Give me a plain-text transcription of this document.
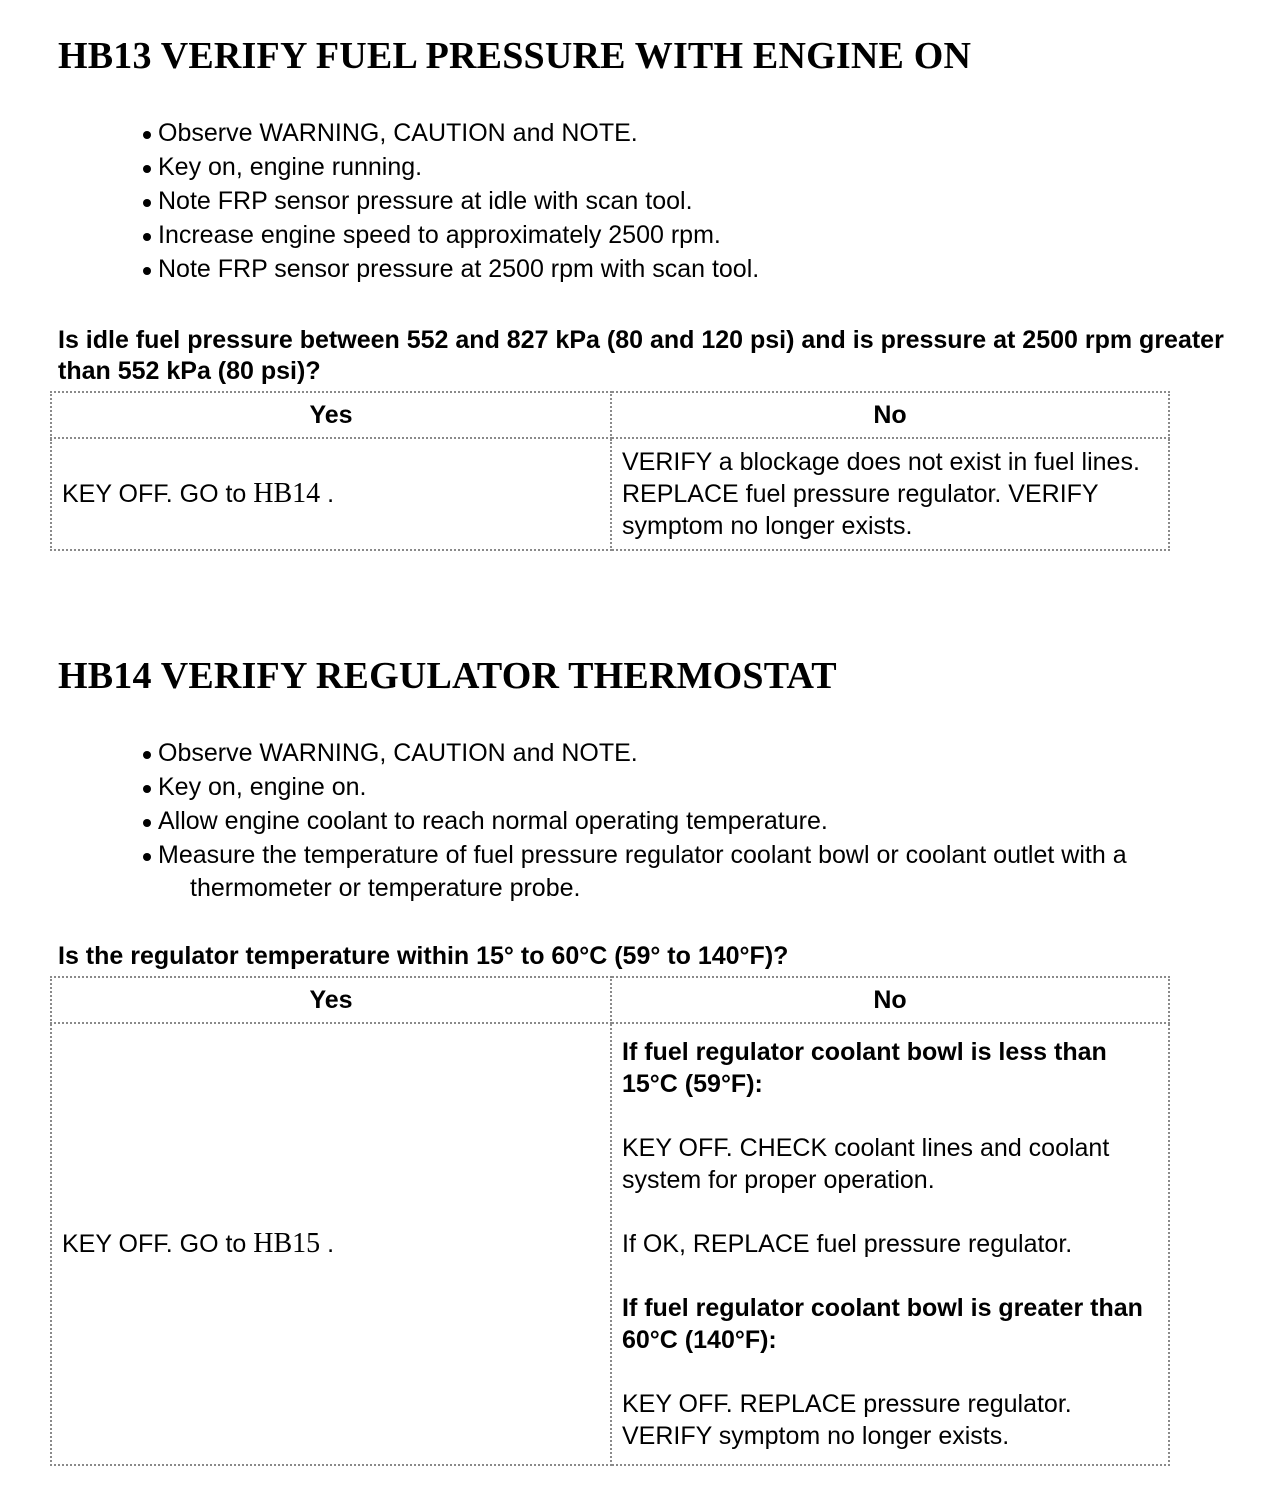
HB13 VERIFY FUEL PRESSURE WITH ENGINE ON
Observe WARNING, CAUTION and NOTE.
Key on, engine running.
Note FRP sensor pressure at idle with scan tool.
Increase engine speed to approximately 2500 rpm.
Note FRP sensor pressure at 2500 rpm with scan tool.

Is idle fuel pressure between 552 and 827 kPa (80 and 120 psi) and is pressure at 2500 rpm greater than 552 kPa (80 psi)?

Yes	No
KEY OFF. GO to HB14 .	VERIFY a blockage does not exist in fuel lines. REPLACE fuel pressure regulator. VERIFY symptom no longer exists.
HB14 VERIFY REGULATOR THERMOSTAT
Observe WARNING, CAUTION and NOTE.
Key on, engine on.
Allow engine coolant to reach normal operating temperature.
Measure the temperature of fuel pressure regulator coolant bowl or coolant outlet with a
thermometer or temperature probe.

Is the regulator temperature within 15° to 60°C (59° to 140°F)?

Yes	No
KEY OFF. GO to HB15 .	If fuel regulator coolant bowl is less than 15°C (59°F):
KEY OFF. CHECK coolant lines and coolant system for proper operation.
If OK, REPLACE fuel pressure regulator.
If fuel regulator coolant bowl is greater than 60°C (140°F):
KEY OFF. REPLACE pressure regulator. VERIFY symptom no longer exists.
